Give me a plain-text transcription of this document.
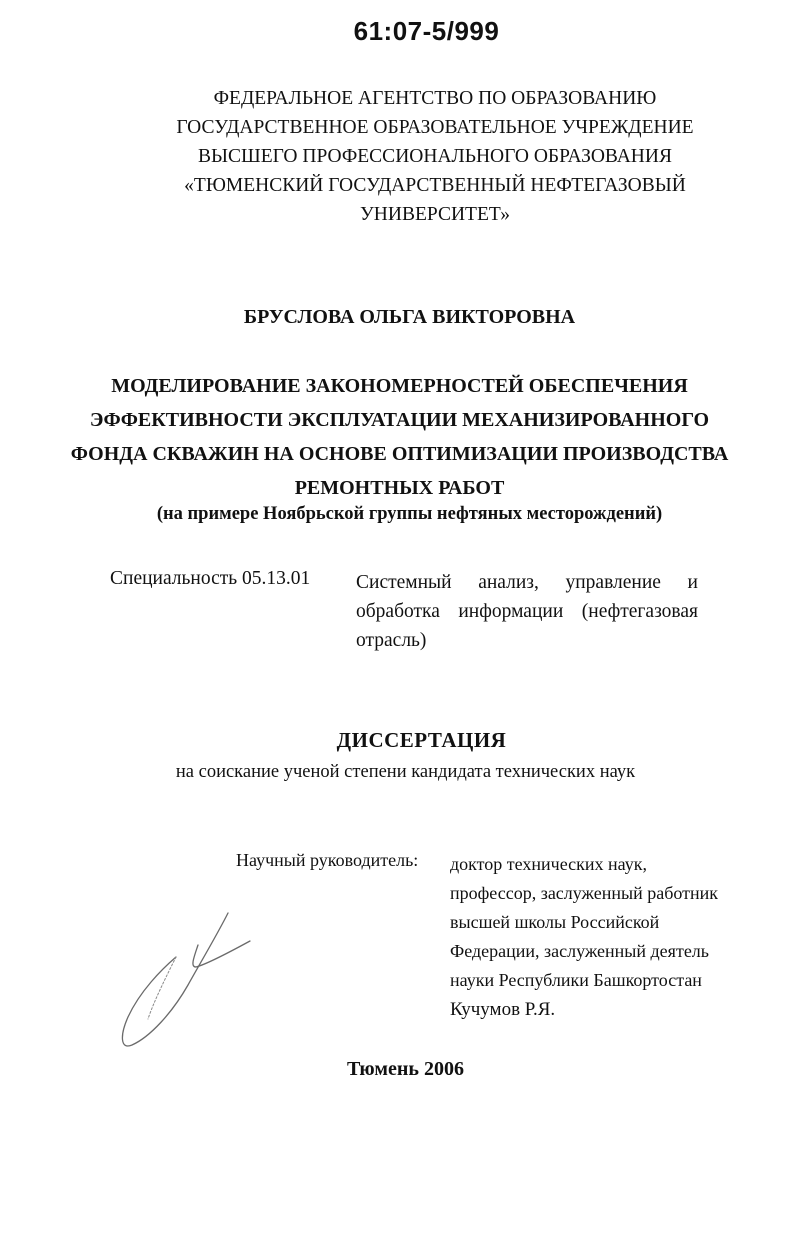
61:07-5/999
ФЕДЕРАЛЬНОЕ АГЕНТСТВО ПО ОБРАЗОВАНИЮ
ГОСУДАРСТВЕННОЕ ОБРАЗОВАТЕЛЬНОЕ УЧРЕЖДЕНИЕ
ВЫСШЕГО ПРОФЕССИОНАЛЬНОГО ОБРАЗОВАНИЯ
«ТЮМЕНСКИЙ ГОСУДАРСТВЕННЫЙ НЕФТЕГАЗОВЫЙ
УНИВЕРСИТЕТ»
БРУСЛОВА ОЛЬГА ВИКТОРОВНА
МОДЕЛИРОВАНИЕ ЗАКОНОМЕРНОСТЕЙ ОБЕСПЕЧЕНИЯ
ЭФФЕКТИВНОСТИ ЭКСПЛУАТАЦИИ МЕХАНИЗИРОВАННОГО
ФОНДА СКВАЖИН НА ОСНОВЕ ОПТИМИЗАЦИИ ПРОИЗВОДСТВА
РЕМОНТНЫХ РАБОТ
(на примере Ноябрьской группы нефтяных месторождений)
Специальность 05.13.01 Системный анализ, управление и
обработка информации (нефтегазовая
отрасль)
ДИССЕРТАЦИЯ
на соискание ученой степени кандидата технических наук
Научный руководитель: доктор технических наук,
профессор, заслуженный работник
высшей школы Российской
Федерации, заслуженный деятель
науки Республики Башкортостан
Кучумов Р.Я.
Тюмень 2006
